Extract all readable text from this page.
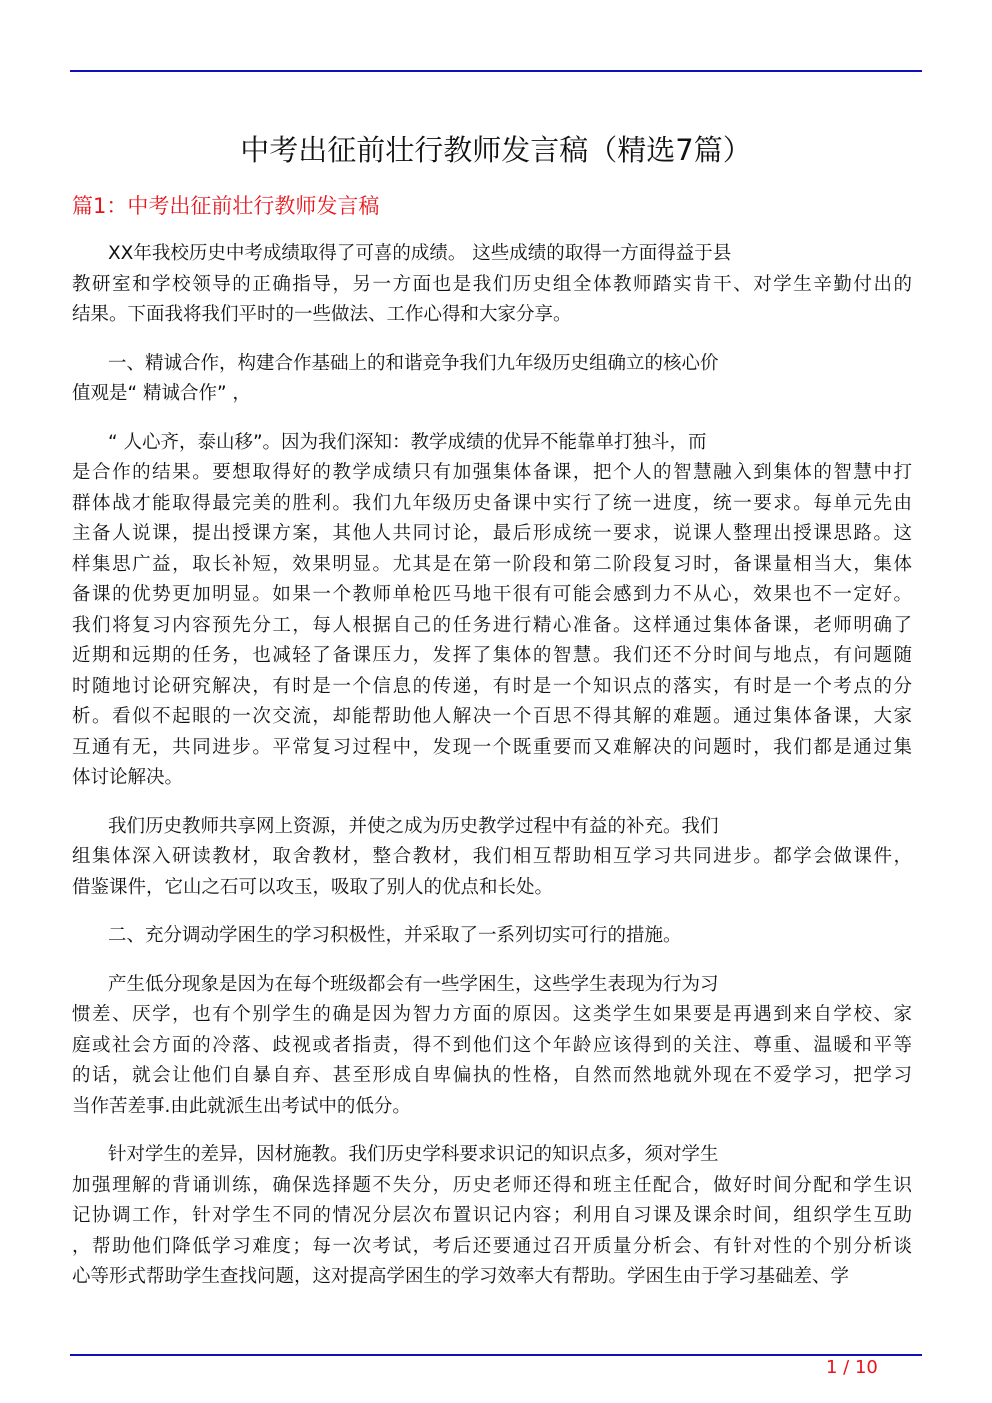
中考出征前壮行教师发言稿（精选7篇）
篇1：中考出征前壮行教师发言稿
XX年我校历史中考成绩取得了可喜的成绩。 这些成绩的取得一方面得益于县
教研室和学校领导的正确指导，另一方面也是我们历史组全体教师踏实肯干、对学生辛勤付出的
结果。下面我将我们平时的一些做法、工作心得和大家分享。
一、精诚合作，构建合作基础上的和谐竞争我们九年级历史组确立的核心价
值观是“ 精诚合作” ，
“ 人心齐，泰山移”。因为我们深知：教学成绩的优异不能靠单打独斗，而
是合作的结果。要想取得好的教学成绩只有加强集体备课，把个人的智慧融入到集体的智慧中打
群体战才能取得最完美的胜利。我们九年级历史备课中实行了统一进度，统一要求。每单元先由
主备人说课，提出授课方案，其他人共同讨论，最后形成统一要求，说课人整理出授课思路。这
样集思广益，取长补短，效果明显。尤其是在第一阶段和第二阶段复习时，备课量相当大，集体
备课的优势更加明显。如果一个教师单枪匹马地干很有可能会感到力不从心，效果也不一定好。
我们将复习内容预先分工，每人根据自己的任务进行精心准备。这样通过集体备课，老师明确了
近期和远期的任务，也减轻了备课压力，发挥了集体的智慧。我们还不分时间与地点，有问题随
时随地讨论研究解决，有时是一个信息的传递，有时是一个知识点的落实，有时是一个考点的分
析。看似不起眼的一次交流，却能帮助他人解决一个百思不得其解的难题。通过集体备课，大家
互通有无，共同进步。平常复习过程中，发现一个既重要而又难解决的问题时，我们都是通过集
体讨论解决。
我们历史教师共享网上资源，并使之成为历史教学过程中有益的补充。我们
组集体深入研读教材，取舍教材，整合教材，我们相互帮助相互学习共同进步。都学会做课件，
借鉴课件，它山之石可以攻玉，吸取了别人的优点和长处。
二、充分调动学困生的学习积极性，并采取了一系列切实可行的措施。
产生低分现象是因为在每个班级都会有一些学困生，这些学生表现为行为习
惯差、厌学，也有个别学生的确是因为智力方面的原因。这类学生如果要是再遇到来自学校、家
庭或社会方面的冷落、歧视或者指责，得不到他们这个年龄应该得到的关注、尊重、温暖和平等
的话，就会让他们自暴自弃、甚至形成自卑偏执的性格，自然而然地就外现在不爱学习，把学习
当作苦差事.由此就派生出考试中的低分。
针对学生的差异，因材施教。我们历史学科要求识记的知识点多，须对学生
加强理解的背诵训练，确保选择题不失分，历史老师还得和班主任配合，做好时间分配和学生识
记协调工作，针对学生不同的情况分层次布置识记内容；利用自习课及课余时间，组织学生互助
，帮助他们降低学习难度；每一次考试，考后还要通过召开质量分析会、有针对性的个别分析谈
心等形式帮助学生查找问题，这对提高学困生的学习效率大有帮助。学困生由于学习基础差、学
1 / 10
